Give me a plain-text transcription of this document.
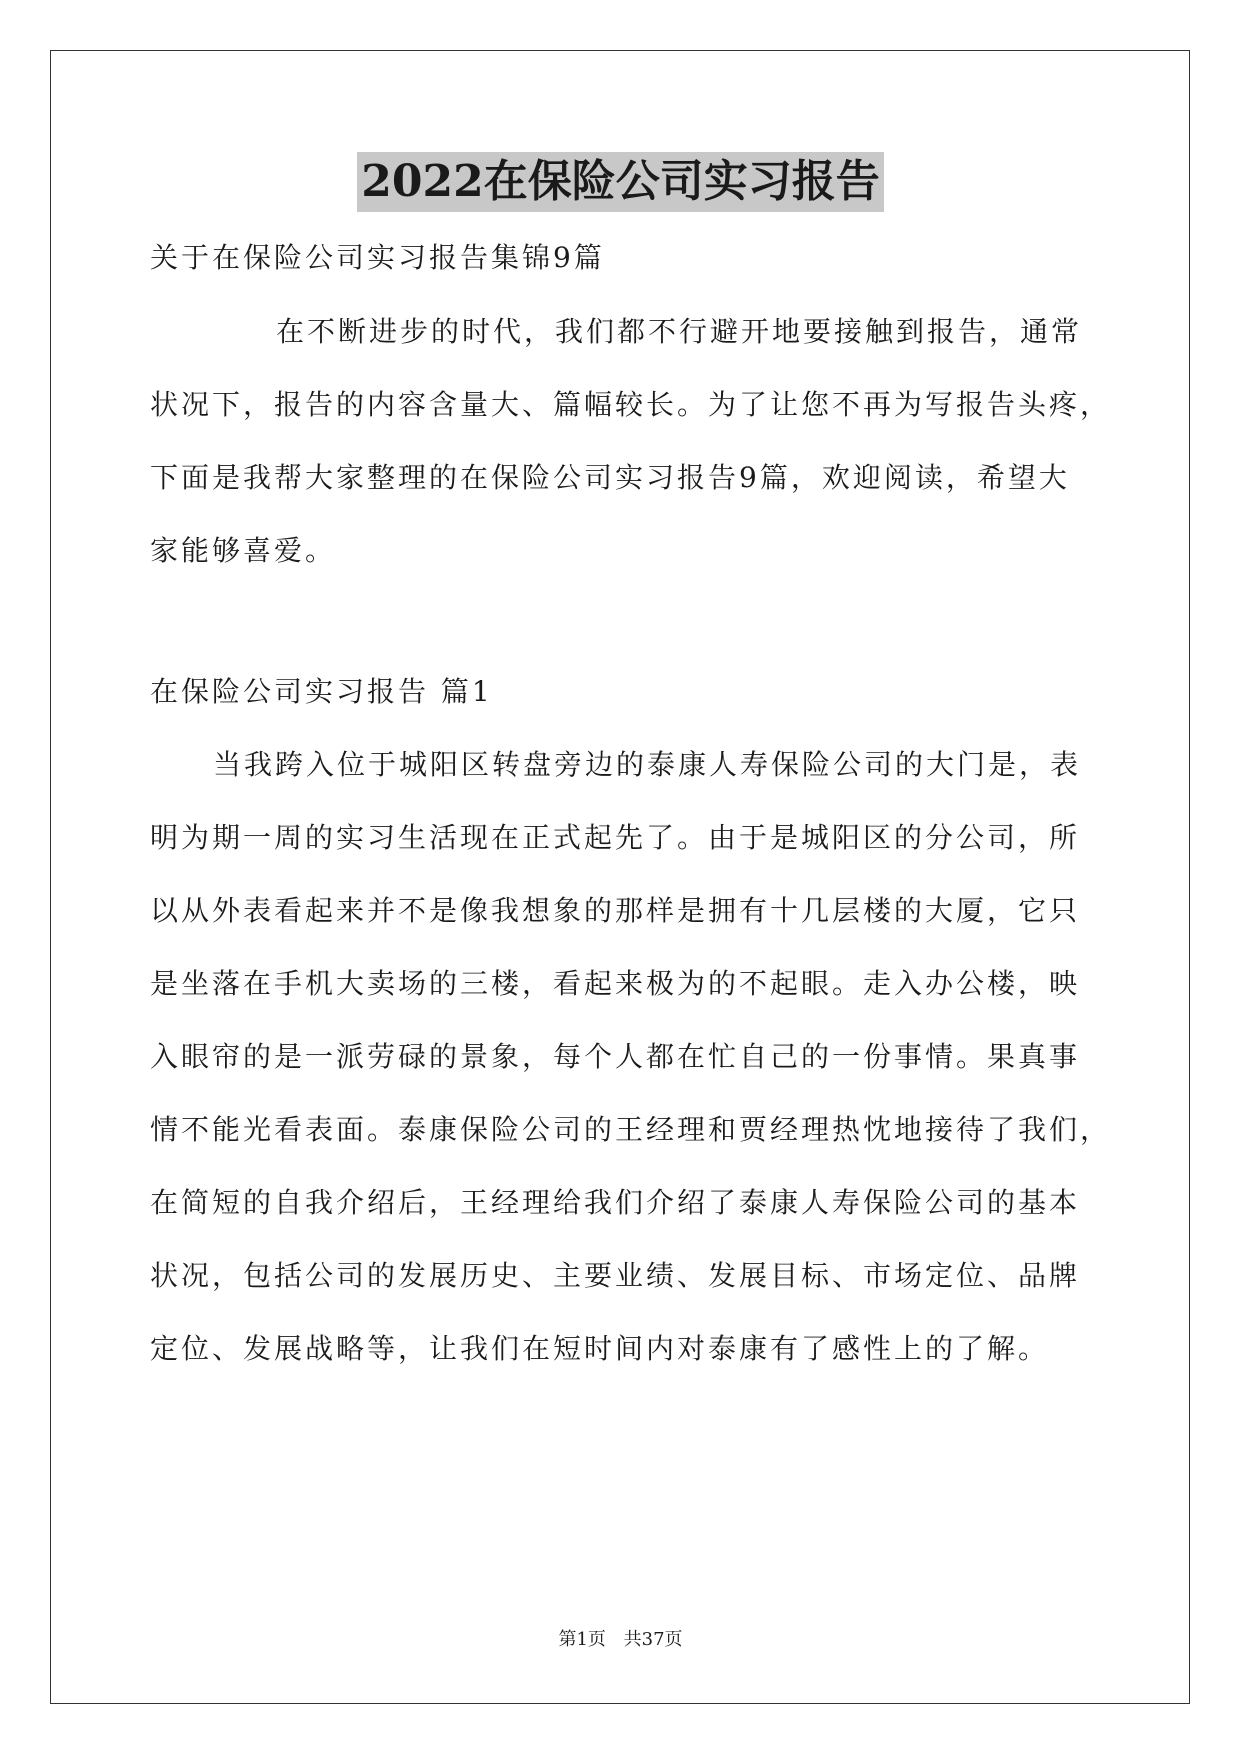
2022在保险公司实习报告
关于在保险公司实习报告集锦9篇
在不断进步的时代，我们都不行避开地要接触到报告，通常
状况下，报告的内容含量大、篇幅较长。为了让您不再为写报告头疼，
下面是我帮大家整理的在保险公司实习报告9篇，欢迎阅读，希望大
家能够喜爱。
在保险公司实习报告 篇1
当我跨入位于城阳区转盘旁边的泰康人寿保险公司的大门是，表
明为期一周的实习生活现在正式起先了。由于是城阳区的分公司，所
以从外表看起来并不是像我想象的那样是拥有十几层楼的大厦，它只
是坐落在手机大卖场的三楼，看起来极为的不起眼。走入办公楼，映
入眼帘的是一派劳碌的景象，每个人都在忙自己的一份事情。果真事
情不能光看表面。泰康保险公司的王经理和贾经理热忱地接待了我们，
在简短的自我介绍后，王经理给我们介绍了泰康人寿保险公司的基本
状况，包括公司的发展历史、主要业绩、发展目标、市场定位、品牌
定位、发展战略等，让我们在短时间内对泰康有了感性上的了解。
第1页 共37页
